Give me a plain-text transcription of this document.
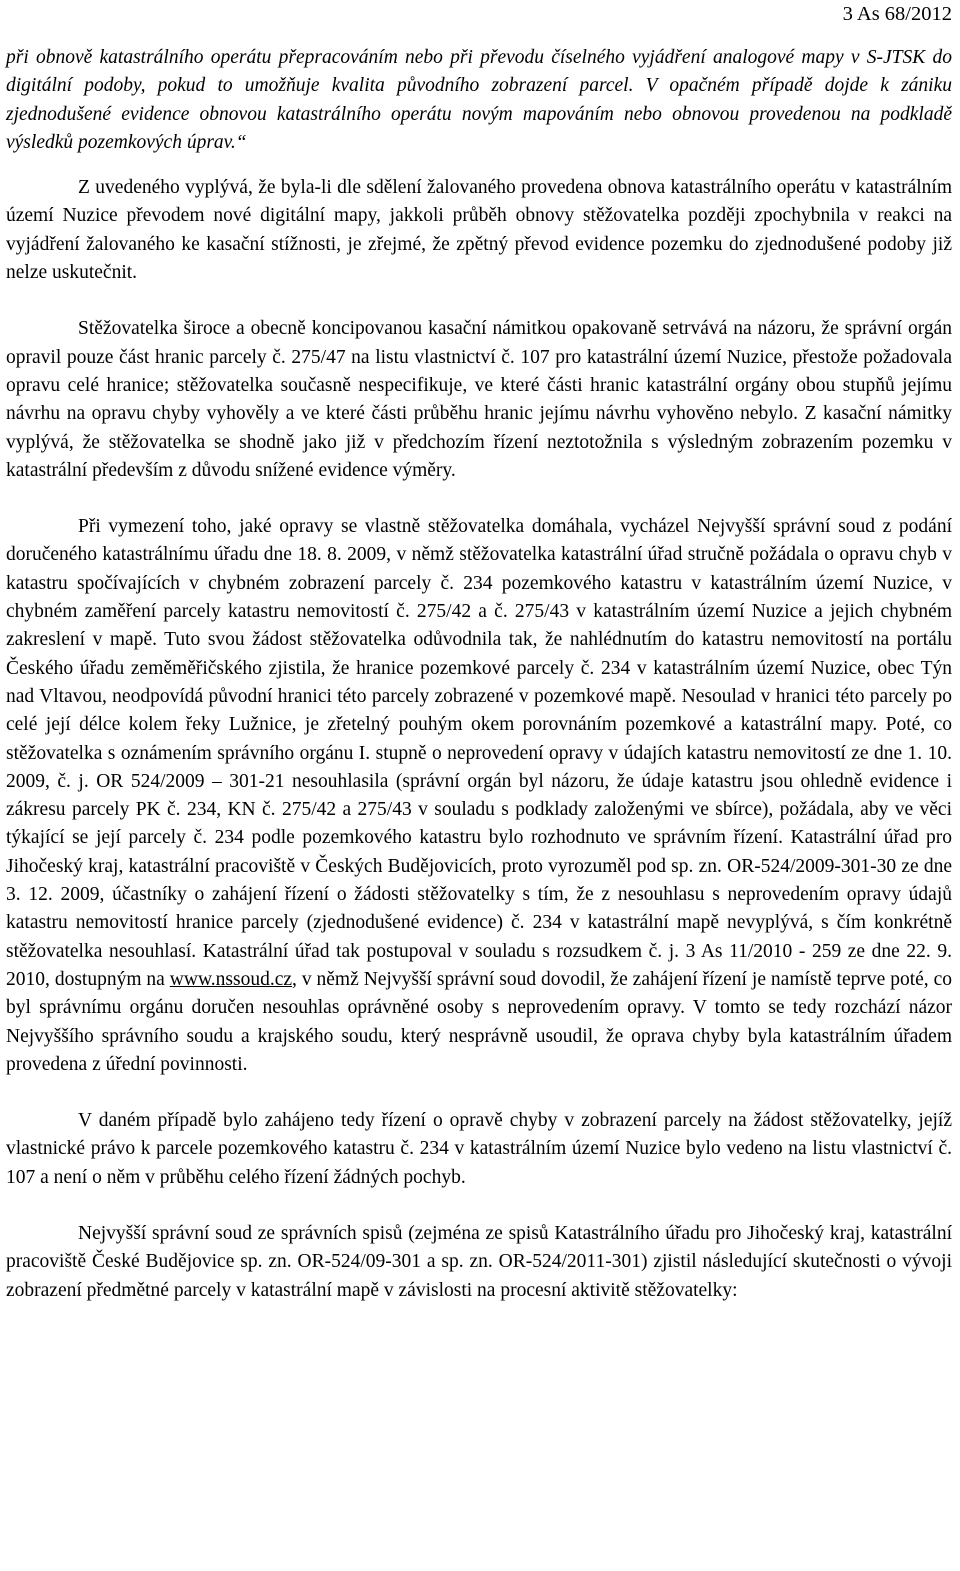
3 As 68/2012

při obnově katastrálního operátu přepracováním nebo při převodu číselného vyjádření analogové mapy v S-JTSK do digitální podoby, pokud to umožňuje kvalita původního zobrazení parcel. V opačném případě dojde k zániku zjednodušené evidence obnovou katastrálního operátu novým mapováním nebo obnovou provedenou na podkladě výsledků pozemkových úprav.“

Z uvedeného vyplývá, že byla-li dle sdělení žalovaného provedena obnova katastrálního operátu v katastrálním území Nuzice převodem nové digitální mapy, jakkoli průběh obnovy stěžovatelka později zpochybnila v reakci na vyjádření žalovaného ke kasační stížnosti, je zřejmé, že zpětný převod evidence pozemku do zjednodušené podoby již nelze uskutečnit.

Stěžovatelka široce a obecně koncipovanou kasační námitkou opakovaně setrvává na názoru, že správní orgán opravil pouze část hranic parcely č. 275/47 na listu vlastnictví č. 107 pro katastrální území Nuzice, přestože požadovala opravu celé hranice; stěžovatelka současně nespecifikuje, ve které části hranic katastrální orgány obou stupňů jejímu návrhu na opravu chyby vyhověly a ve které části průběhu hranic jejímu návrhu vyhověno nebylo. Z kasační námitky vyplývá, že stěžovatelka se shodně jako již v předchozím řízení neztotožnila s výsledným zobrazením pozemku v katastrální především z důvodu snížené evidence výměry.

Při vymezení toho, jaké opravy se vlastně stěžovatelka domáhala, vycházel Nejvyšší správní soud z podání doručeného katastrálnímu úřadu dne 18. 8. 2009, v němž stěžovatelka katastrální úřad stručně požádala o opravu chyb v katastru spočívajících v chybném zobrazení parcely č. 234 pozemkového katastru v katastrálním území Nuzice, v chybném zaměření parcely katastru nemovitostí č. 275/42 a č. 275/43 v katastrálním území Nuzice a jejich chybném zakreslení v mapě. Tuto svou žádost stěžovatelka odůvodnila tak, že nahlédnutím do katastru nemovitostí na portálu Českého úřadu zeměměřičského zjistila, že hranice pozemkové parcely č. 234 v katastrálním území Nuzice, obec Týn nad Vltavou, neodpovídá původní hranici této parcely zobrazené v pozemkové mapě. Nesoulad v hranici této parcely po celé její délce kolem řeky Lužnice, je zřetelný pouhým okem porovnáním pozemkové a katastrální mapy. Poté, co stěžovatelka s oznámením správního orgánu I. stupně o neprovedení opravy v údajích katastru nemovitostí ze dne 1. 10. 2009, č. j. OR 524/2009 – 301-21 nesouhlasila (správní orgán byl názoru, že údaje katastru jsou ohledně evidence i zákresu parcely PK č. 234, KN č. 275/42 a 275/43 v souladu s podklady založenými ve sbírce), požádala, aby ve věci týkající se její parcely č. 234 podle pozemkového katastru bylo rozhodnuto ve správním řízení. Katastrální úřad pro Jihočeský kraj, katastrální pracoviště v Českých Budějovicích, proto vyrozuměl pod sp. zn. OR-524/2009-301-30 ze dne 3. 12. 2009, účastníky o zahájení řízení o žádosti stěžovatelky s tím, že z nesouhlasu s neprovedením opravy údajů katastru nemovitostí hranice parcely (zjednodušené evidence) č. 234 v katastrální mapě nevyplývá, s čím konkrétně stěžovatelka nesouhlasí. Katastrální úřad tak postupoval v souladu s rozsudkem č. j. 3 As 11/2010 - 259 ze dne 22. 9. 2010, dostupným na www.nssoud.cz, v němž Nejvyšší správní soud dovodil, že zahájení řízení je namístě teprve poté, co byl správnímu orgánu doručen nesouhlas oprávněné osoby s neprovedením opravy. V tomto se tedy rozchází názor Nejvyššího správního soudu a krajského soudu, který nesprávně usoudil, že oprava chyby byla katastrálním úřadem provedena z úřední povinnosti.

V daném případě bylo zahájeno tedy řízení o opravě chyby v zobrazení parcely na žádost stěžovatelky, jejíž vlastnické právo k parcele pozemkového katastru č. 234 v katastrálním území Nuzice bylo vedeno na listu vlastnictví č. 107 a není o něm v průběhu celého řízení žádných pochyb.

Nejvyšší správní soud ze správních spisů (zejména ze spisů Katastrálního úřadu pro Jihočeský kraj, katastrální pracoviště České Budějovice sp. zn. OR-524/09-301 a sp. zn. OR-524/2011-301) zjistil následující skutečnosti o vývoji zobrazení předmětné parcely v katastrální mapě v závislosti na procesní aktivitě stěžovatelky:
